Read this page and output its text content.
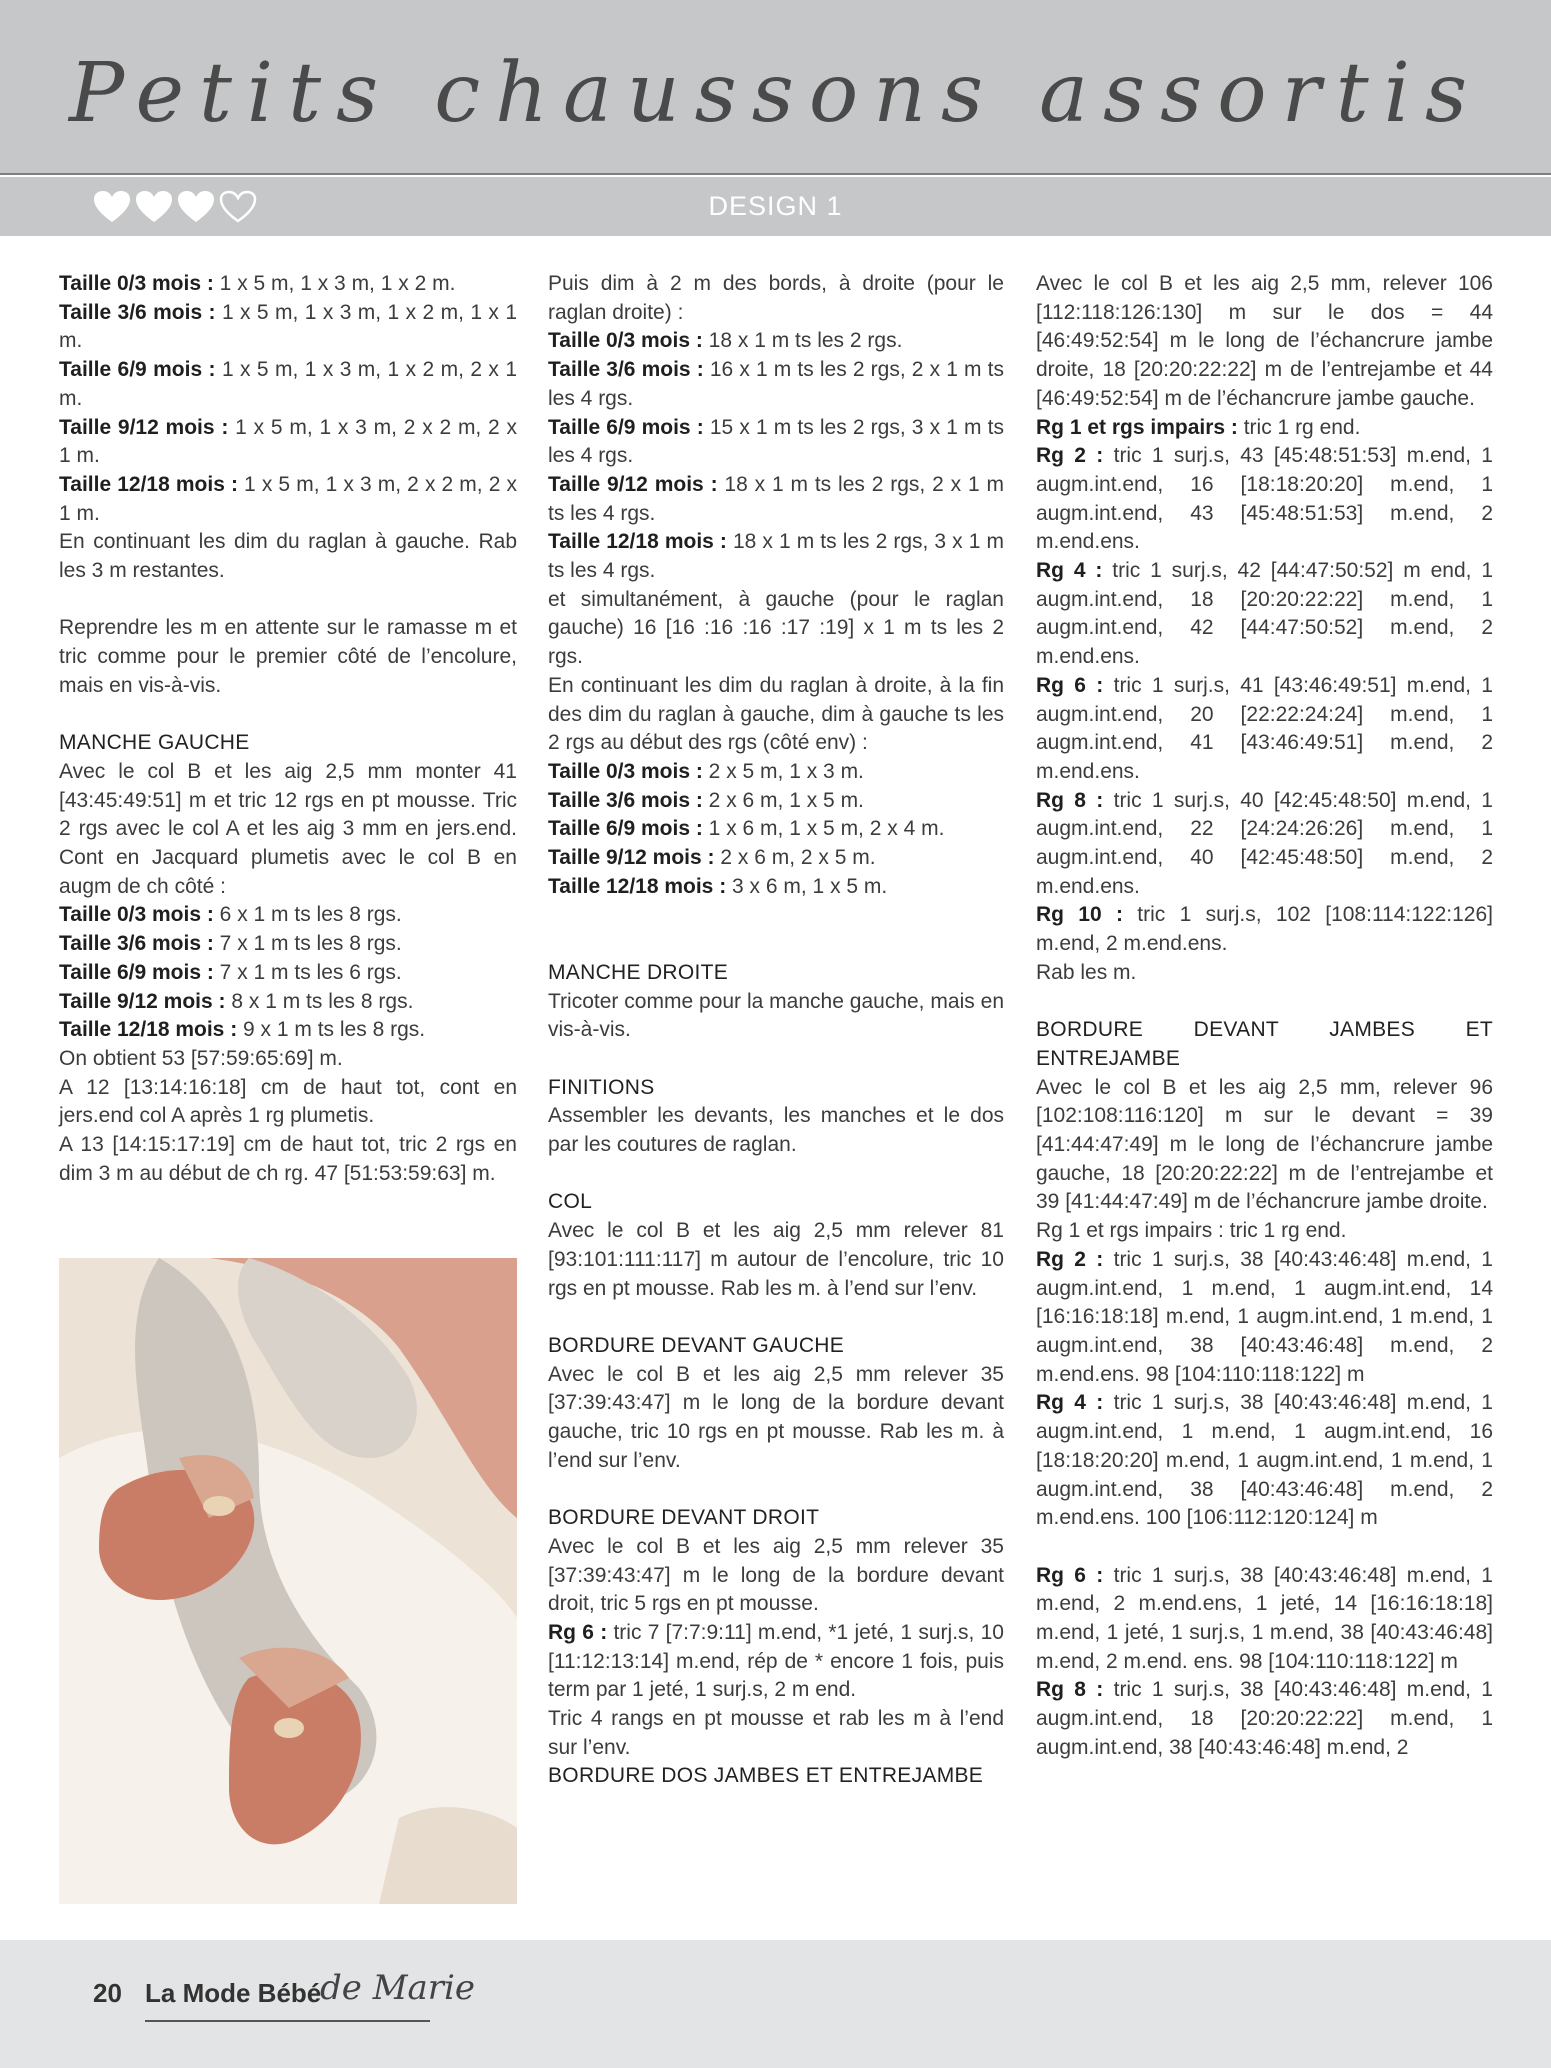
Petits chaussons assortis
DESIGN 1

Taille 0/3 mois : 1 x 5 m, 1 x 3 m, 1 x 2 m.

Taille 3/6 mois : 1 x 5 m, 1 x 3 m, 1 x 2 m, 1 x 1 m.

Taille 6/9 mois : 1 x 5 m, 1 x 3 m, 1 x 2 m, 2 x 1 m.

Taille 9/12 mois : 1 x 5 m, 1 x 3 m, 2 x 2 m, 2 x 1 m.

Taille 12/18 mois : 1 x 5 m, 1 x 3 m, 2 x 2 m, 2 x 1 m.

En continuant les dim du raglan à gauche. Rab les 3 m restantes.

Reprendre les m en attente sur le ramasse m et tric comme pour le premier côté de l’encolure, mais en vis-à-vis.

MANCHE GAUCHE

Avec le col B et les aig 2,5 mm monter 41 [43:45:49:51] m et tric 12 rgs en pt mousse. Tric 2 rgs avec le col A et les aig 3 mm en jers.end. Cont en Jacquard plumetis avec le col B en augm de ch côté :

Taille 0/3 mois : 6 x 1 m ts les 8 rgs.

Taille 3/6 mois : 7 x 1 m ts les 8 rgs.

Taille 6/9 mois : 7 x 1 m ts les 6 rgs.

Taille 9/12 mois : 8 x 1 m ts les 8 rgs.

Taille 12/18 mois : 9 x 1 m ts les 8 rgs.

On obtient 53 [57:59:65:69] m.

A 12 [13:14:16:18] cm de haut tot, cont en jers.end col A après 1 rg plumetis.

A 13 [14:15:17:19] cm de haut tot, tric 2 rgs en dim 3 m au début de ch rg. 47 [51:53:59:63] m.

Puis dim à 2 m des bords, à droite (pour le raglan droite) :

Taille 0/3 mois : 18 x 1 m ts les 2 rgs.

Taille 3/6 mois : 16 x 1 m ts les 2 rgs, 2 x 1 m ts les 4 rgs.

Taille 6/9 mois : 15 x 1 m ts les 2 rgs, 3 x 1 m ts les 4 rgs.

Taille 9/12 mois : 18 x 1 m ts les 2 rgs, 2 x 1 m ts les 4 rgs.

Taille 12/18 mois : 18 x 1 m ts les 2 rgs, 3 x 1 m ts les 4 rgs.

et simultanément, à gauche (pour le raglan gauche) 16 [16 :16 :16 :17 :19] x 1 m ts les 2 rgs.

En continuant les dim du raglan à droite, à la fin des dim du raglan à gauche, dim à gauche ts les 2 rgs au début des rgs (côté env) :

Taille 0/3 mois : 2 x 5 m, 1 x 3 m.

Taille 3/6 mois : 2 x 6 m, 1 x 5 m.

Taille 6/9 mois : 1 x 6 m, 1 x 5 m, 2 x 4 m.

Taille 9/12 mois : 2 x 6 m, 2 x 5 m.

Taille 12/18 mois : 3 x 6 m, 1 x 5 m.

MANCHE DROITE

Tricoter comme pour la manche gauche, mais en vis-à-vis.

FINITIONS

Assembler les devants, les manches et le dos par les coutures de raglan.

COL

Avec le col B et les aig 2,5 mm relever 81 [93:101:111:117] m autour de l’encolure, tric 10 rgs en pt mousse. Rab les m. à l’end sur l’env.

BORDURE DEVANT GAUCHE

Avec le col B et les aig 2,5 mm relever 35 [37:39:43:47] m le long de la bordure devant gauche, tric 10 rgs en pt mousse. Rab les m. à l’end sur l’env.

BORDURE DEVANT DROIT

Avec le col B et les aig 2,5 mm relever 35 [37:39:43:47] m le long de la bordure devant droit, tric 5 rgs en pt mousse.

Rg 6 : tric 7 [7:7:9:11] m.end, *1 jeté, 1 surj.s, 10 [11:12:13:14] m.end, rép de * encore 1 fois, puis term par 1 jeté, 1 surj.s, 2 m end.

Tric 4 rangs en pt mousse et rab les m à l’end sur l’env.

BORDURE DOS JAMBES ET ENTREJAMBE

Avec le col B et les aig 2,5 mm, relever 106 [112:118:126:130] m sur le dos = 44 [46:49:52:54] m le long de l’échancrure jambe droite, 18 [20:20:22:22] m de l’entrejambe et 44 [46:49:52:54] m de l’échancrure jambe gauche.

Rg 1 et rgs impairs : tric 1 rg end.

Rg 2 : tric 1 surj.s, 43 [45:48:51:53] m.end, 1 augm.int.end, 16 [18:18:20:20] m.end, 1 augm.int.end, 43 [45:48:51:53] m.end, 2 m.end.ens.

Rg 4 : tric 1 surj.s, 42 [44:47:50:52] m end, 1 augm.int.end, 18 [20:20:22:22] m.end, 1 augm.int.end, 42 [44:47:50:52] m.end, 2 m.end.ens.

Rg 6 : tric 1 surj.s, 41 [43:46:49:51] m.end, 1 augm.int.end, 20 [22:22:24:24] m.end, 1 augm.int.end, 41 [43:46:49:51] m.end, 2 m.end.ens.

Rg 8 : tric 1 surj.s, 40 [42:45:48:50] m.end, 1 augm.int.end, 22 [24:24:26:26] m.end, 1 augm.int.end, 40 [42:45:48:50] m.end, 2 m.end.ens.

Rg 10 : tric 1 surj.s, 102 [108:114:122:126] m.end, 2 m.end.ens.

Rab les m.

BORDURE DEVANT JAMBES ET ENTREJAMBE

Avec le col B et les aig 2,5 mm, relever 96 [102:108:116:120] m sur le devant = 39 [41:44:47:49] m le long de l’échancrure jambe gauche, 18 [20:20:22:22] m de l’entrejambe et 39 [41:44:47:49] m de l’échancrure jambe droite.

Rg 1 et rgs impairs : tric 1 rg end.

Rg 2 : tric 1 surj.s, 38 [40:43:46:48] m.end, 1 augm.int.end, 1 m.end, 1 augm.int.end, 14 [16:16:18:18] m.end, 1 augm.int.end, 1 m.end, 1 augm.int.end, 38 [40:43:46:48] m.end, 2 m.end.ens. 98 [104:110:118:122] m

Rg 4 : tric 1 surj.s, 38 [40:43:46:48] m.end, 1 augm.int.end, 1 m.end, 1 augm.int.end, 16 [18:18:20:20] m.end, 1 augm.int.end, 1 m.end, 1 augm.int.end, 38 [40:43:46:48] m.end, 2 m.end.ens. 100 [106:112:120:124] m

Rg 6 : tric 1 surj.s, 38 [40:43:46:48] m.end, 1 m.end, 2 m.end.ens, 1 jeté, 14 [16:16:18:18] m.end, 1 jeté, 1 surj.s, 1 m.end, 38 [40:43:46:48] m.end, 2 m.end. ens. 98 [104:110:118:122] m

Rg 8 : tric 1 surj.s, 38 [40:43:46:48] m.end, 1 augm.int.end, 18 [20:20:22:22] m.end, 1 augm.int.end, 38 [40:43:46:48] m.end, 2

20 La Mode Bébé
de Marie
